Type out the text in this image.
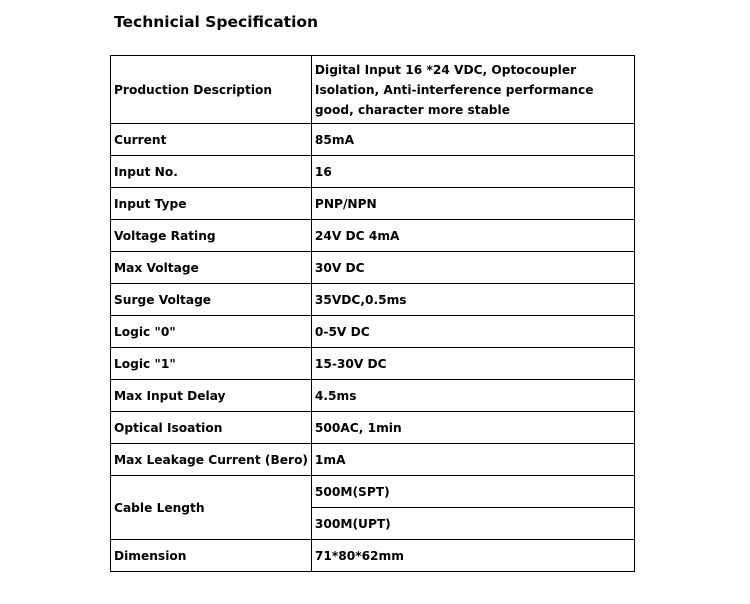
Technicial Specification
Production Description	Digital Input 16 *24 VDC, Optocoupler Isolation, Anti-interference performance good, character more stable
Current	85mA
Input No.	16
Input Type	PNP/NPN
Voltage Rating	24V DC 4mA
Max Voltage	30V DC
Surge Voltage	35VDC,0.5ms
Logic "0"	0-5V DC
Logic "1"	15-30V DC
Max Input Delay	4.5ms
Optical Isoation	500AC, 1min
Max Leakage Current (Bero)	1mA
Cable Length	500M(SPT)
	300M(UPT)
Dimension	71*80*62mm
